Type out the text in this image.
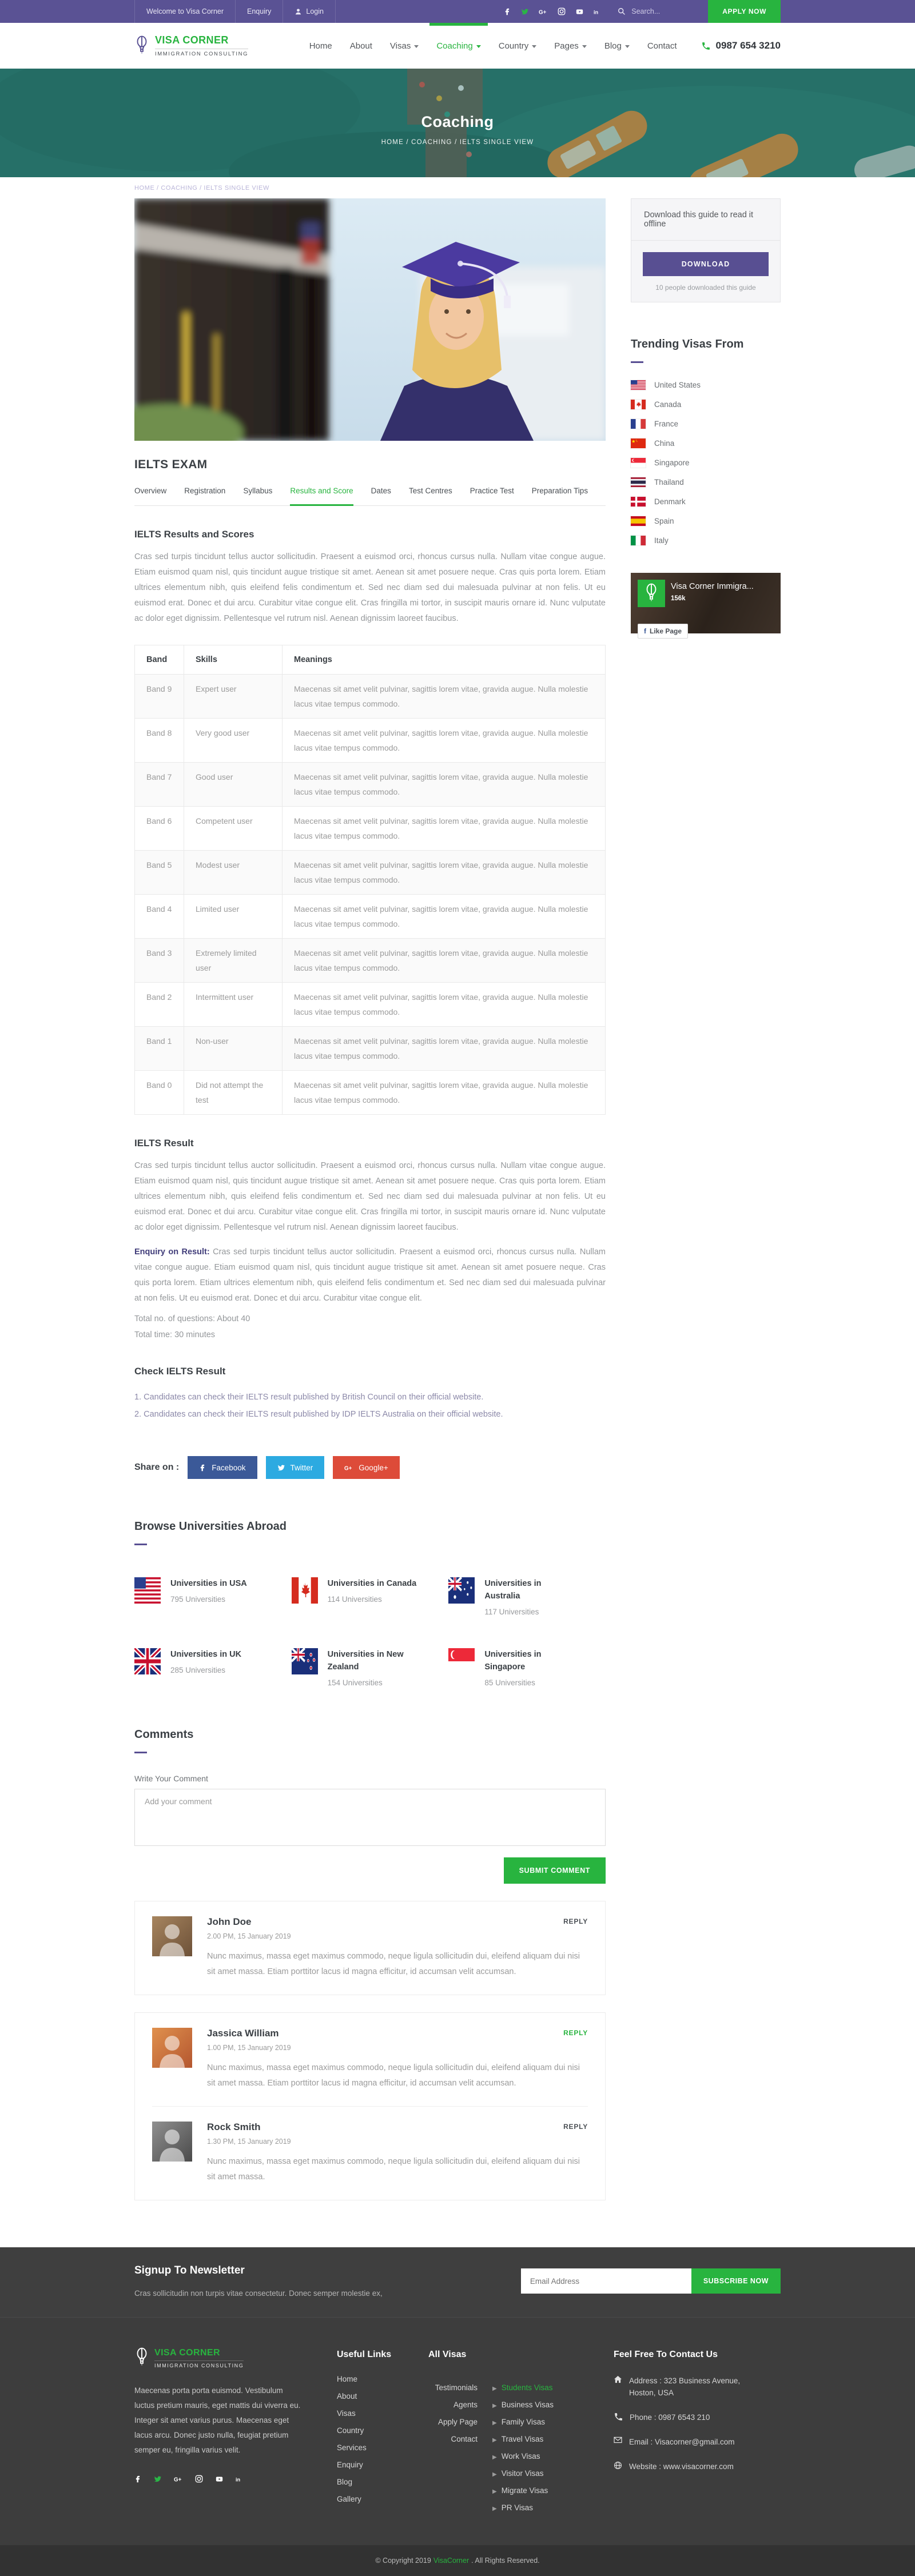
Welcome to Visa Corner	Enquiry	Login	G+	in
Search...	APPLY NOW
VISA CORNER
IMMIGRATION CONSULTING
Home About Visas	Coaching	Country	Pages	Blog	Contact	0987 654 3210
Coaching
HOME / COACHING / IELTS SINGLE VIEW
HOME / COACHING / IELTS SINGLE VIEW
IELTS EXAM
Overview Registration Syllabus Results and Score Dates Test Centres Practice Test Preparation Tips
IELTS Results and Scores

Cras sed turpis tincidunt tellus auctor sollicitudin. Praesent a euismod orci, rhoncus cursus nulla. Nullam vitae congue augue. Etiam euismod quam nisl, quis tincidunt augue tristique sit amet. Aenean sit amet posuere neque. Cras quis porta lorem. Etiam ultrices elementum nibh, quis eleifend felis condimentum et. Sed nec diam sed dui malesuada pulvinar at non felis. Ut eu euismod erat. Donec et dui arcu. Curabitur vitae congue elit. Cras fringilla mi tortor, in suscipit mauris ornare id. Nunc vulputate ac dolor eget dignissim. Pellentesque vel rutrum nisl. Aenean dignissim laoreet faucibus.

Band	Skills	Meanings
Band 9	Expert user	Maecenas sit amet velit pulvinar, sagittis lorem vitae, gravida augue. Nulla molestie lacus vitae tempus commodo.
Band 8	Very good user	Maecenas sit amet velit pulvinar, sagittis lorem vitae, gravida augue. Nulla molestie lacus vitae tempus commodo.
Band 7	Good user	Maecenas sit amet velit pulvinar, sagittis lorem vitae, gravida augue. Nulla molestie lacus vitae tempus commodo.
Band 6	Competent user	Maecenas sit amet velit pulvinar, sagittis lorem vitae, gravida augue. Nulla molestie lacus vitae tempus commodo.
Band 5	Modest user	Maecenas sit amet velit pulvinar, sagittis lorem vitae, gravida augue. Nulla molestie lacus vitae tempus commodo.
Band 4	Limited user	Maecenas sit amet velit pulvinar, sagittis lorem vitae, gravida augue. Nulla molestie lacus vitae tempus commodo.
Band 3	Extremely limited user	Maecenas sit amet velit pulvinar, sagittis lorem vitae, gravida augue. Nulla molestie lacus vitae tempus commodo.
Band 2	Intermittent user	Maecenas sit amet velit pulvinar, sagittis lorem vitae, gravida augue. Nulla molestie lacus vitae tempus commodo.
Band 1	Non-user	Maecenas sit amet velit pulvinar, sagittis lorem vitae, gravida augue. Nulla molestie lacus vitae tempus commodo.
Band 0	Did not attempt the test	Maecenas sit amet velit pulvinar, sagittis lorem vitae, gravida augue. Nulla molestie lacus vitae tempus commodo.
IELTS Result

Cras sed turpis tincidunt tellus auctor sollicitudin. Praesent a euismod orci, rhoncus cursus nulla. Nullam vitae congue augue. Etiam euismod quam nisl, quis tincidunt augue tristique sit amet. Aenean sit amet posuere neque. Cras quis porta lorem. Etiam ultrices elementum nibh, quis eleifend felis condimentum et. Sed nec diam sed dui malesuada pulvinar at non felis. Ut eu euismod erat. Donec et dui arcu. Curabitur vitae congue elit. Cras fringilla mi tortor, in suscipit mauris ornare id. Nunc vulputate ac dolor eget dignissim. Pellentesque vel rutrum nisl. Aenean dignissim laoreet faucibus.

Enquiry on Result: Cras sed turpis tincidunt tellus auctor sollicitudin. Praesent a euismod orci, rhoncus cursus nulla. Nullam vitae congue augue. Etiam euismod quam nisl, quis tincidunt augue tristique sit amet. Aenean sit amet posuere neque. Cras quis porta lorem. Etiam ultrices elementum nibh, quis eleifend felis condimentum et. Sed nec diam sed dui malesuada pulvinar at non felis. Ut eu euismod erat. Donec et dui arcu. Curabitur vitae congue elit.

Total no. of questions: About 40
Total time: 30 minutes
Check IELTS Result
1. Candidates can check their IELTS result published by British Council on their official website.
2. Candidates can check their IELTS result published by IDP IELTS Australia on their official website.
Share on :	Facebook	Twitter	G+ Google+
Browse Universities Abroad
Universities in USA
795 Universities
Universities in Canada
114 Universities
Universities in Australia
117 Universities
Universities in UK
285 Universities
Universities in New Zealand
154 Universities
Universities in Singapore
85 Universities
Comments
Write Your Comment
Add your comment
SUBMIT COMMENT
John Doe
2.00 PM, 15 January 2019
Nunc maximus, massa eget maximus commodo, neque ligula sollicitudin dui, eleifend aliquam dui nisi sit amet massa. Etiam porttitor lacus id magna efficitur, id accumsan velit accumsan.
REPLY
Jassica William
1.00 PM, 15 January 2019
Nunc maximus, massa eget maximus commodo, neque ligula sollicitudin dui, eleifend aliquam dui nisi sit amet massa. Etiam porttitor lacus id magna efficitur, id accumsan velit accumsan.
REPLY
Rock Smith
1.30 PM, 15 January 2019
Nunc maximus, massa eget maximus commodo, neque ligula sollicitudin dui, eleifend aliquam dui nisi sit amet massa.
REPLY
Download this guide to read it offline
DOWNLOAD
10 people downloaded this guide
Trending Visas From
United States
Canada
France
China
Singapore
Thailand
Denmark
Spain
Italy
Visa Corner Immigra...
156k
f Like Page
Signup To Newsletter
Cras sollicitudin non turpis vitae consectetur. Donec semper molestie ex,
Email Address
SUBSCRIBE NOW
VISA CORNER
IMMIGRATION CONSULTING
Maecenas porta porta euismod. Vestibulum luctus pretium mauris, eget mattis dui viverra eu. Integer sit amet varius purus. Maecenas eget lacus arcu. Donec justo nulla, feugiat pretium semper eu, fringilla varius velit.
G+	in
Useful Links
Home
About
Visas
Country
Services
Enquiry
Blog
Gallery
All Visas
Testimonials
Agents
Apply Page
Contact
▶ Students Visas
▶ Business Visas
▶ Family Visas
▶ Travel Visas
▶ Work Visas
▶ Visitor Visas
▶ Migrate Visas
▶ PR Visas
Feel Free To Contact Us
Address : 323 Business Avenue,
Hoston, USA
Phone : 0987 6543 210
Email : Visacorner@gmail.com
Website : www.visacorner.com
© Copyright 2019 VisaCorner . All Rights Reserved.
